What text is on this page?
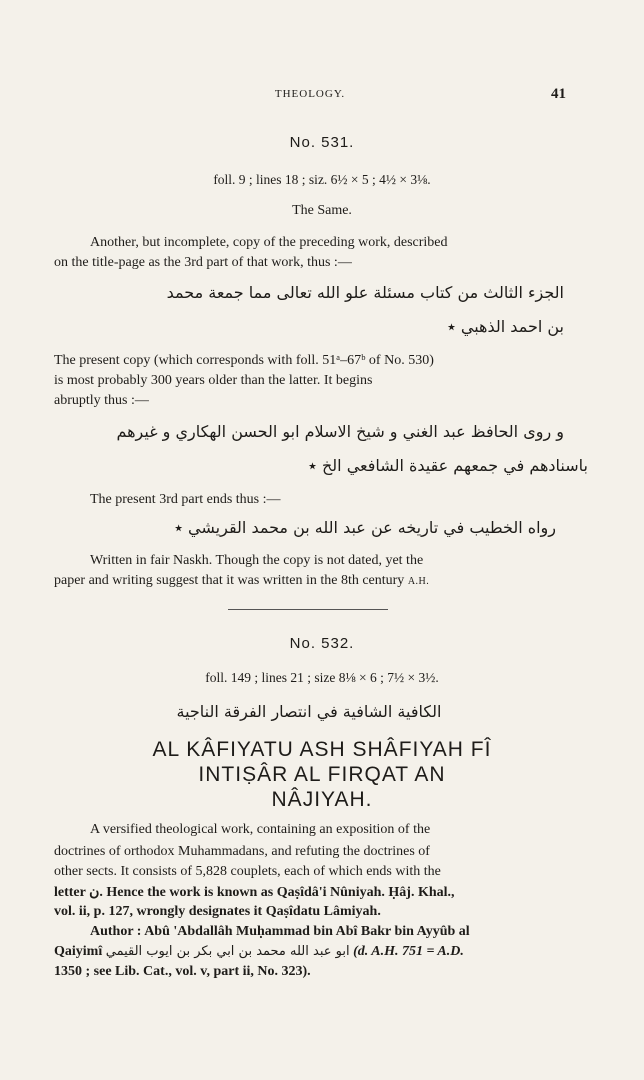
THEOLOGY.	41
No. 531.
foll. 9 ; lines 18 ; siz. 6½ × 5 ; 4½ × 3⅛.
The Same.
Another, but incomplete, copy of the preceding work, described
on the title-page as the 3rd part of that work, thus :—
الجزء الثالث من كتاب مسئلة علو الله تعالى مما جمعة محمد
بن احمد الذهبي ٭
The present copy (which corresponds with foll. 51ᵃ–67ᵇ of No. 530)
is most probably 300 years older than the latter. It begins
abruptly thus :—
و روى الحافظ عبد الغني و شيخ الاسلام ابو الحسن الهكاري و غيرهم
باسنادهم في جمعهم عقيدة الشافعي الخ ٭
The present 3rd part ends thus :—
رواه الخطيب في تاريخه عن عبد الله بن محمد القريشي ٭
Written in fair Naskh. Though the copy is not dated, yet the
paper and writing suggest that it was written in the 8th century A.H.
No. 532.
foll. 149 ; lines 21 ; size 8⅛ × 6 ; 7½ × 3½.
الكافية الشافية في انتصار الفرقة الناجية
AL KÂFIYATU ASH SHÂFIYAH FÎ
INTIṢÂR AL FIRQAT AN
NÂJIYAH.
A versified theological work, containing an exposition of the
doctrines of orthodox Muhammadans, and refuting the doctrines of
other sects. It consists of 5,828 couplets, each of which ends with the
letter ن. Hence the work is known as Qaṣîdâ'i Nûniyah. Ḥâj. Khal.,
vol. ii, p. 127, wrongly designates it Qaṣîdatu Lâmiyah.
Author : Abû 'Abdallâh Muḥammad bin Abî Bakr bin Ayyûb al
Qaiyimî ابو عبد الله محمد بن ابي بكر بن ايوب القيمي (d. A.H. 751 = A.D.
1350 ; see Lib. Cat., vol. v, part ii, No. 323).
